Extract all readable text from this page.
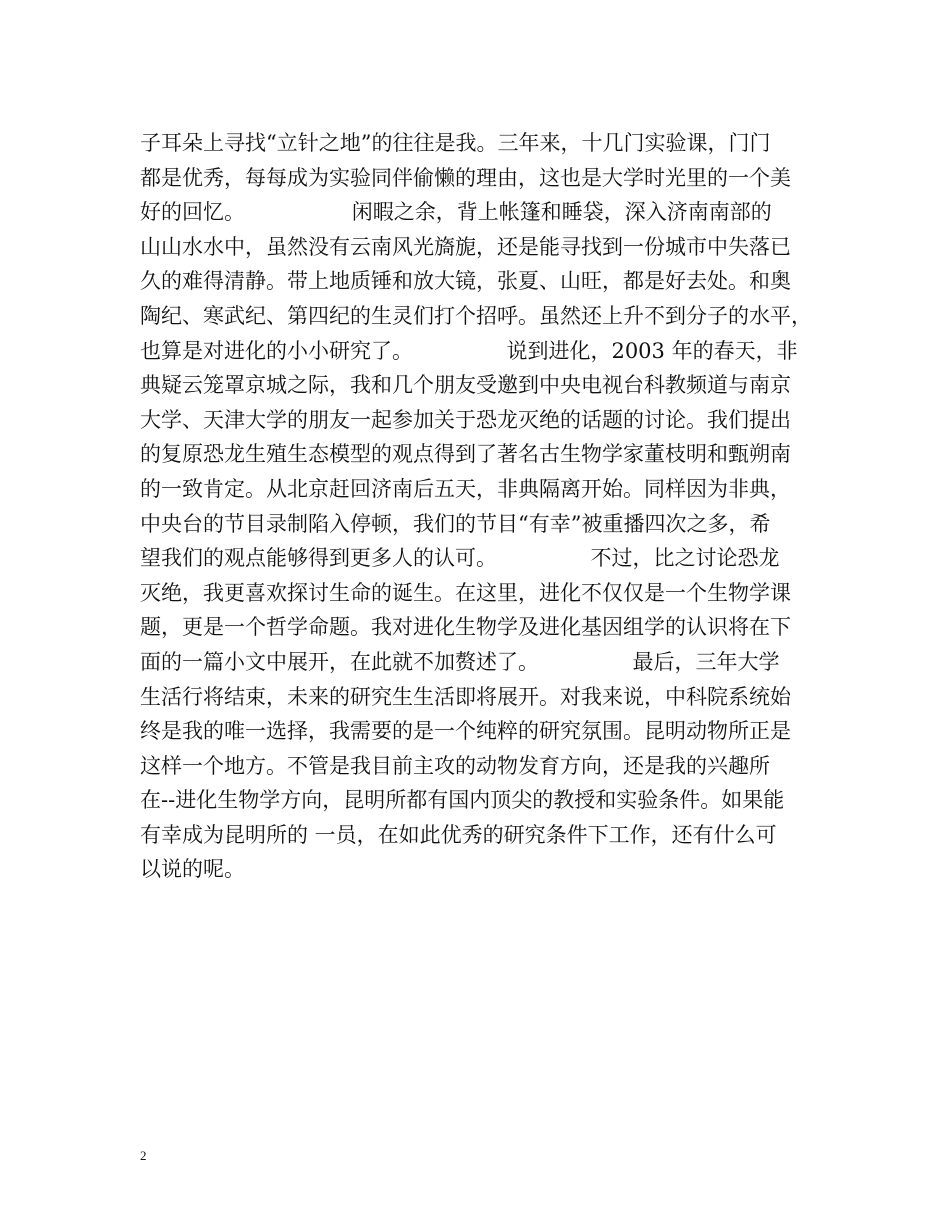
子耳朵上寻找“立针之地”的往往是我。三年来，十几门实验课，门门
都是优秀，每每成为实验同伴偷懒的理由，这也是大学时光里的一个美
好的回忆。                闲暇之余，背上帐篷和睡袋，深入济南南部的
山山水水中，虽然没有云南风光旖旎，还是能寻找到一份城市中失落已
久的难得清静。带上地质锤和放大镜，张夏、山旺，都是好去处。和奥
陶纪、寒武纪、第四纪的生灵们打个招呼。虽然还上升不到分子的水平，
也算是对进化的小小研究了。              说到进化，2003 年的春天，非
典疑云笼罩京城之际，我和几个朋友受邀到中央电视台科教频道与南京
大学、天津大学的朋友一起参加关于恐龙灭绝的话题的讨论。我们提出
的复原恐龙生殖生态模型的观点得到了著名古生物学家董枝明和甄朔南
的一致肯定。从北京赶回济南后五天，非典隔离开始。同样因为非典，
中央台的节目录制陷入停顿，我们的节目“有幸”被重播四次之多，希
望我们的观点能够得到更多人的认可。              不过，比之讨论恐龙
灭绝，我更喜欢探讨生命的诞生。在这里，进化不仅仅是一个生物学课
题，更是一个哲学命题。我对进化生物学及进化基因组学的认识将在下
面的一篇小文中展开，在此就不加赘述了。              最后，三年大学
生活行将结束，未来的研究生生活即将展开。对我来说，中科院系统始
终是我的唯一选择，我需要的是一个纯粹的研究氛围。昆明动物所正是
这样一个地方。不管是我目前主攻的动物发育方向，还是我的兴趣所
在--进化生物学方向，昆明所都有国内顶尖的教授和实验条件。如果能
有幸成为昆明所的 一员，在如此优秀的研究条件下工作，还有什么可
以说的呢。
2
